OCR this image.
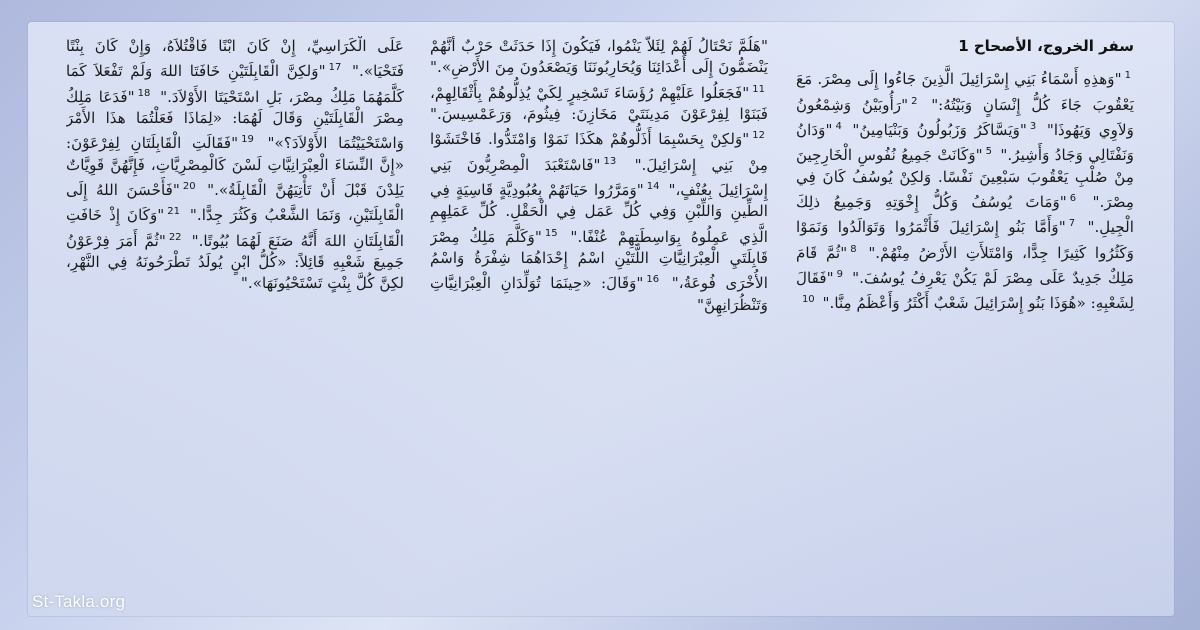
سفر الخروج، الأصحاح 1
$^1$"وَهذِهِ أَسْمَاءُ بَنِي إِسْرَائِيلَ الَّذِينَ جَاءُوا إِلَى مِصْرَ. مَعَ يَعْقُوبَ جَاءَ كُلُّ إِنْسَانٍ وَبَيْتُهُ:" $^2$"رَأُوبَيْنُ وَشِمْعُونُ وَلاَوِي وَيَهُوذَا" $^3$"وَيَسَّاكَرُ وَزَبُولُونُ وَبَنْيَامِينُ" $^4$"وَدَانُ وَنَفْتَالِي وَجَادُ وَأَشِيرُ." $^5$"وَكَانَتْ جَمِيعُ نُفُوسِ الْخَارِجِينَ مِنْ صُلْبِ يَعْقُوبَ سَبْعِينَ نَفْسًا. وَلكِنْ يُوسُفُ كَانَ فِي مِصْرَ." $^6$"وَمَاتَ يُوسُفُ وَكُلُّ إِخْوَتِهِ وَجَمِيعُ ذلِكَ الْجِيلِ." $^7$"وَأَمَّا بَنُو إِسْرَائِيلَ فَأَثْمَرُوا وَتَوَالَدُوا وَنَمَوْا وَكَثُرُوا كَثِيرًا جِدًّا، وَامْتَلأَتِ الأَرْضُ مِنْهُمْ." $^8$"ثُمَّ قَامَ مَلِكٌ جَدِيدٌ عَلَى مِصْرَ لَمْ يَكُنْ يَعْرِفُ يُوسُفَ." $^9$"فَقَالَ لِشَعْبِهِ: «هُوَذَا بَنُو إِسْرَائِيلَ شَعْبٌ أَكْثَرُ وَأَعْظَمُ مِنَّا." $^{10}$
"هَلُمَّ نَحْتَالُ لَهُمْ لِئَلاَّ يَنْمُوا، فَيَكُونَ إِذَا حَدَثَتْ حَرْبٌ أَنَّهُمْ يَنْضَمُّونَ إِلَى أَعْدَائِنَا وَيُحَارِبُونَنَا وَيَصْعَدُونَ مِنَ الأَرْضِ»." $^{11}$"فَجَعَلُوا عَلَيْهِمْ رُؤَسَاءَ تَسْخِيرٍ لِكَيْ يُذِلُّوهُمْ بِأَثْقَالِهِمْ، فَبَنَوْا لِفِرْعَوْنَ مَدِينَتَيْ مَخَازِنَ: فِيثُومَ، وَرَعَمْسِيسَ." $^{12}$"وَلكِنْ بِحَسْبِمَا أَذَلُّوهُمْ هكَذَا نَمَوْا وَامْتَدُّوا. فَاخْتَشَوْا مِنْ بَنِي إِسْرَائِيلَ." $^{13}$"فَاسْتَعْبَدَ الْمِصْرِيُّونَ بَنِي إِسْرَائِيلَ بِعُنْفٍ،" $^{14}$"وَمَرَّرُوا حَيَاتَهُمْ بِعُبُودِيَّةٍ قَاسِيَةٍ فِي الطِّينِ وَاللِّبْنِ وَفِي كُلِّ عَمَل فِي الْحَقْلِ. كُلِّ عَمَلِهِمِ الَّذِي عَمِلُوهُ بِوَاسِطَتِهِمْ عُنْفًا." $^{15}$"وَكَلَّمَ مَلِكُ مِصْرَ قَابِلَتَيِ الْعِبْرَانِيَّاتِ اللَّتَيْنِ اسْمُ إِحْدَاهُمَا شِفْرَةُ وَاسْمُ الأُخْرَى فُوعَةُ،" $^{16}$"وَقَالَ: «حِينَمَا تُوَلِّدَانِ الْعِبْرَانِيَّاتِ وَتَنْظُرَانِهِنَّ"
عَلَى الْكَرَاسِيِّ، إِنْ كَانَ ابْنًا فَاقْتُلاَهُ، وَإِنْ كَانَ بِنْتًا فَتَحْيَا»." $^{17}$"وَلكِنَّ الْقَابِلَتَيْنِ خَافَتَا اللهَ وَلَمْ تَفْعَلاَ كَمَا كَلَّمَهُمَا مَلِكُ مِصْرَ، بَلِ اسْتَحْيَتَا الأَوْلاَدَ." $^{18}$"فَدَعَا مَلِكُ مِصْرَ الْقَابِلَتَيْنِ وَقَالَ لَهُمَا: «لِمَاذَا فَعَلْتُمَا هذَا الأَمْرَ وَاسْتَحْيَيْتُمَا الأَوْلاَدَ؟»" $^{19}$"فَقَالَتِ الْقَابِلَتَانِ لِفِرْعَوْنَ: «إِنَّ النِّسَاءَ الْعِبْرَانِيَّاتِ لَسْنَ كَالْمِصْرِيَّاتِ، فَإِنَّهُنَّ قَوِيَّاتٌ يَلِدْنَ قَبْلَ أَنْ تَأْتِيَهُنَّ الْقَابِلَةُ»." $^{20}$"فَأَحْسَنَ اللهُ إِلَى الْقَابِلَتَيْنِ، وَنَمَا الشَّعْبُ وَكَثُرَ جِدًّا." $^{21}$"وَكَانَ إِذْ خَافَتِ الْقَابِلَتَانِ اللهَ أَنَّهُ صَنَعَ لَهُمَا بُيُوتًا." $^{22}$"ثُمَّ أَمَرَ فِرْعَوْنُ جَمِيعَ شَعْبِهِ قَائِلاً: «كُلُّ ابْنٍ يُولَدُ تَطْرَحُونَهُ فِي النَّهْرِ، لكِنَّ كُلَّ بِنْتٍ تَسْتَحْيُونَهَا»."
St-Takla.org
